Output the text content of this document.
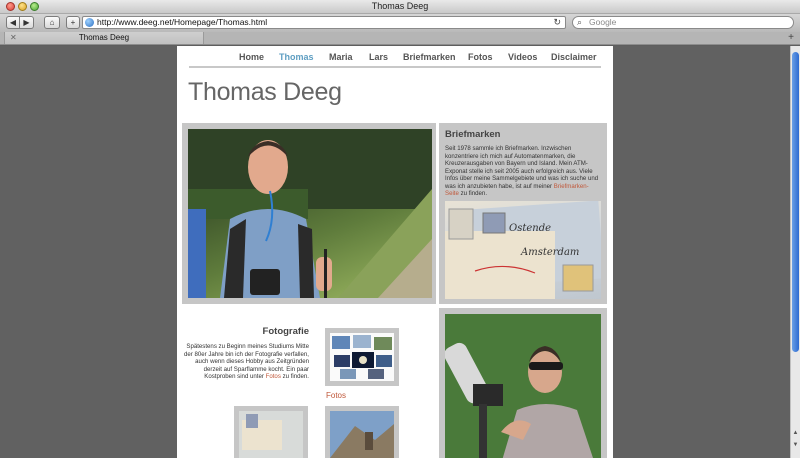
Thomas Deeg
◀ ▶	⌂	+	http://www.deeg.net/Homepage/Thomas.html	↻ ⌕ Google
✕	Thomas Deeg	+
Home Thomas Maria Lars Briefmarken Fotos Videos Disclaimer
Thomas Deeg
Briefmarken

Seit 1978 sammle ich Briefmarken. Inzwischen konzentriere ich mich auf Automatenmarken, die Kreuzerausgaben von Bayern und Island. Mein ATM-Exponat stelle ich seit 2005 auch erfolgreich aus. Viele Infos über meine Sammelgebiete und was ich suche und was ich anzubieten habe, ist auf meiner Briefmarken-Seite zu finden.

Ostende
Amsterdam
Fotografie

Spätestens zu Beginn meines Studiums Mitte der 80er Jahre bin ich der Fotografie verfallen, auch wenn dieses Hobby aus Zeitgründen derzeit auf Sparflamme kocht. Ein paar Kostproben sind unter Fotos zu finden.

Fotos
▲
▼
